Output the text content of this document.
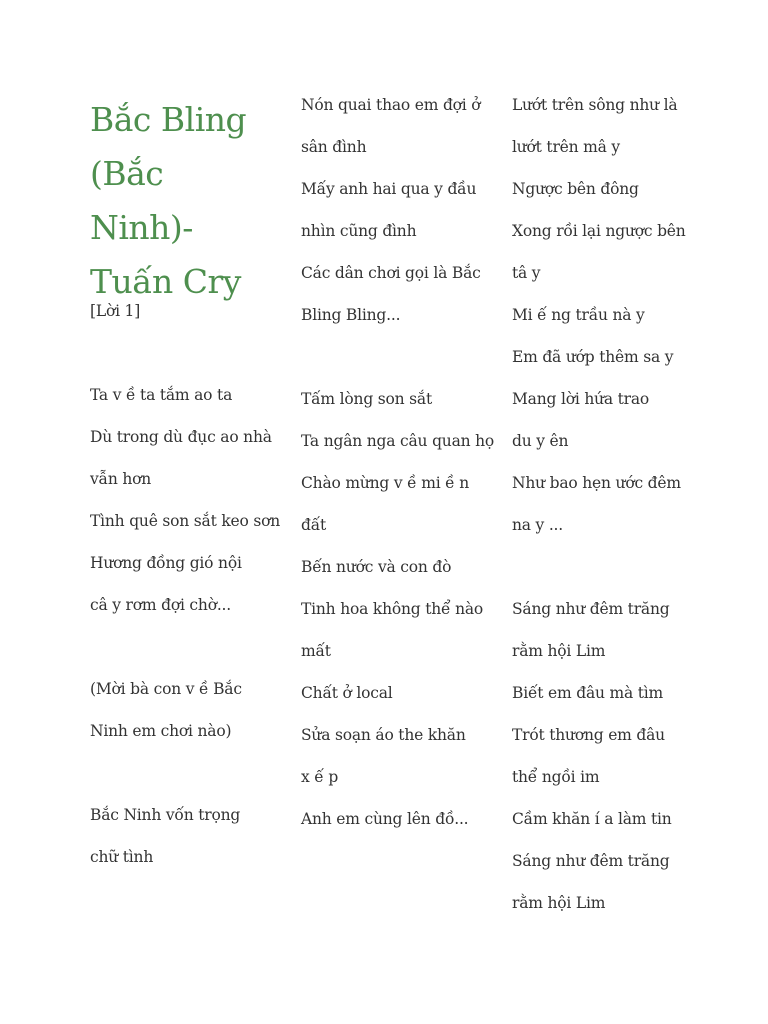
Bắc Bling
(Bắc Ninh)-
Tuấn Cry
[Lời 1]
Ta v ề ta tắm ao ta
Dù trong dù đục ao nhà
vẫn hơn
Tình quê son sắt keo sơn
Hương đồng gió nội
câ y rơm đợi chờ...
(Mời bà con v ề Bắc
Ninh em chơi nào)
Bắc Ninh vốn trọng
chữ tình
Nón quai thao em đợi ở
sân đình
Mấy anh hai qua y đầu
nhìn cũng đình
Các dân chơi gọi là Bắc
Bling Bling...
Tấm lòng son sắt
Ta ngân nga câu quan họ
Chào mừng v ề mi ề n
đất
Bến nước và con đò
Tinh hoa không thể nào
mất
Chất ở local
Sửa soạn áo the khăn
x ế p
Anh em cùng lên đồ...
Lướt trên sông như là
lướt trên mâ y
Ngược bên đông
Xong rồi lại ngược bên
tâ y
Mi ế ng trầu nà y
Em đã ướp thêm sa y
Mang lời hứa trao
du y ên
Như bao hẹn ước đêm
na y ...
Sáng như đêm trăng
rằm hội Lim
Biết em đâu mà tìm
Trót thương em đâu
thể ngồi im
Cầm khăn í a làm tin
Sáng như đêm trăng
rằm hội Lim
